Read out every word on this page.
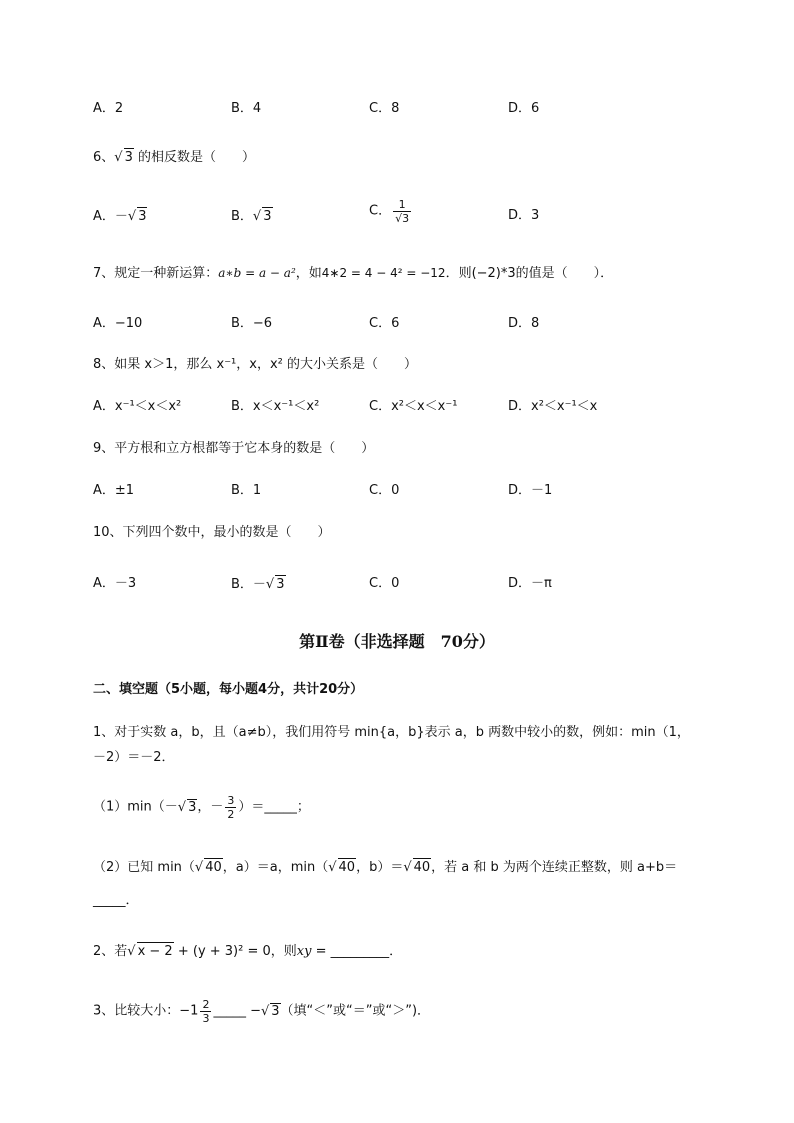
A．2	B．4	C．8	D．6
6、√ 3 的相反数是（　　）
A．－√ 3	B．√ 3	C． $\frac{1}{√3}$	D．3
7、规定一种新运算：a∗b = a − a²，如4∗2 = 4 − 4² = −12．则(−2)*3的值是（　　）．
A．−10	B．−6	C．6	D．8
8、如果 x＞1，那么 x⁻¹，x，x² 的大小关系是（　　）
A．x⁻¹＜x＜x²	B．x＜x⁻¹＜x²	C．x²＜x＜x⁻¹	D．x²＜x⁻¹＜x
9、平方根和立方根都等于它本身的数是（　　）
A．±1	B．1	C．0	D．－1
10、下列四个数中，最小的数是（　　）
A．－3	B．－√ 3	C．0	D．－π
第Ⅱ卷（非选择题　70分）
二、填空题（5小题，每小题4分，共计20分）
1、对于实数 a，b，且（a≠b），我们用符号 min{a，b}表示 a，b 两数中较小的数，例如：min（1，
－2）＝－2．
（1）min（－√ 3，－ $\frac{3}{2}$ ）＝_____；
（2）已知 min（√ 40，a）＝a，min（√ 40，b）＝√ 40，若 a 和 b 为两个连续正整数，则 a+b＝
_____．
2、若√ x − 2 + (y + 3)² = 0，则xy = _________．
3、比较大小：$-1 \frac{2}{3}$ _____ −√ 3（填“＜”或“＝”或“＞”)．
